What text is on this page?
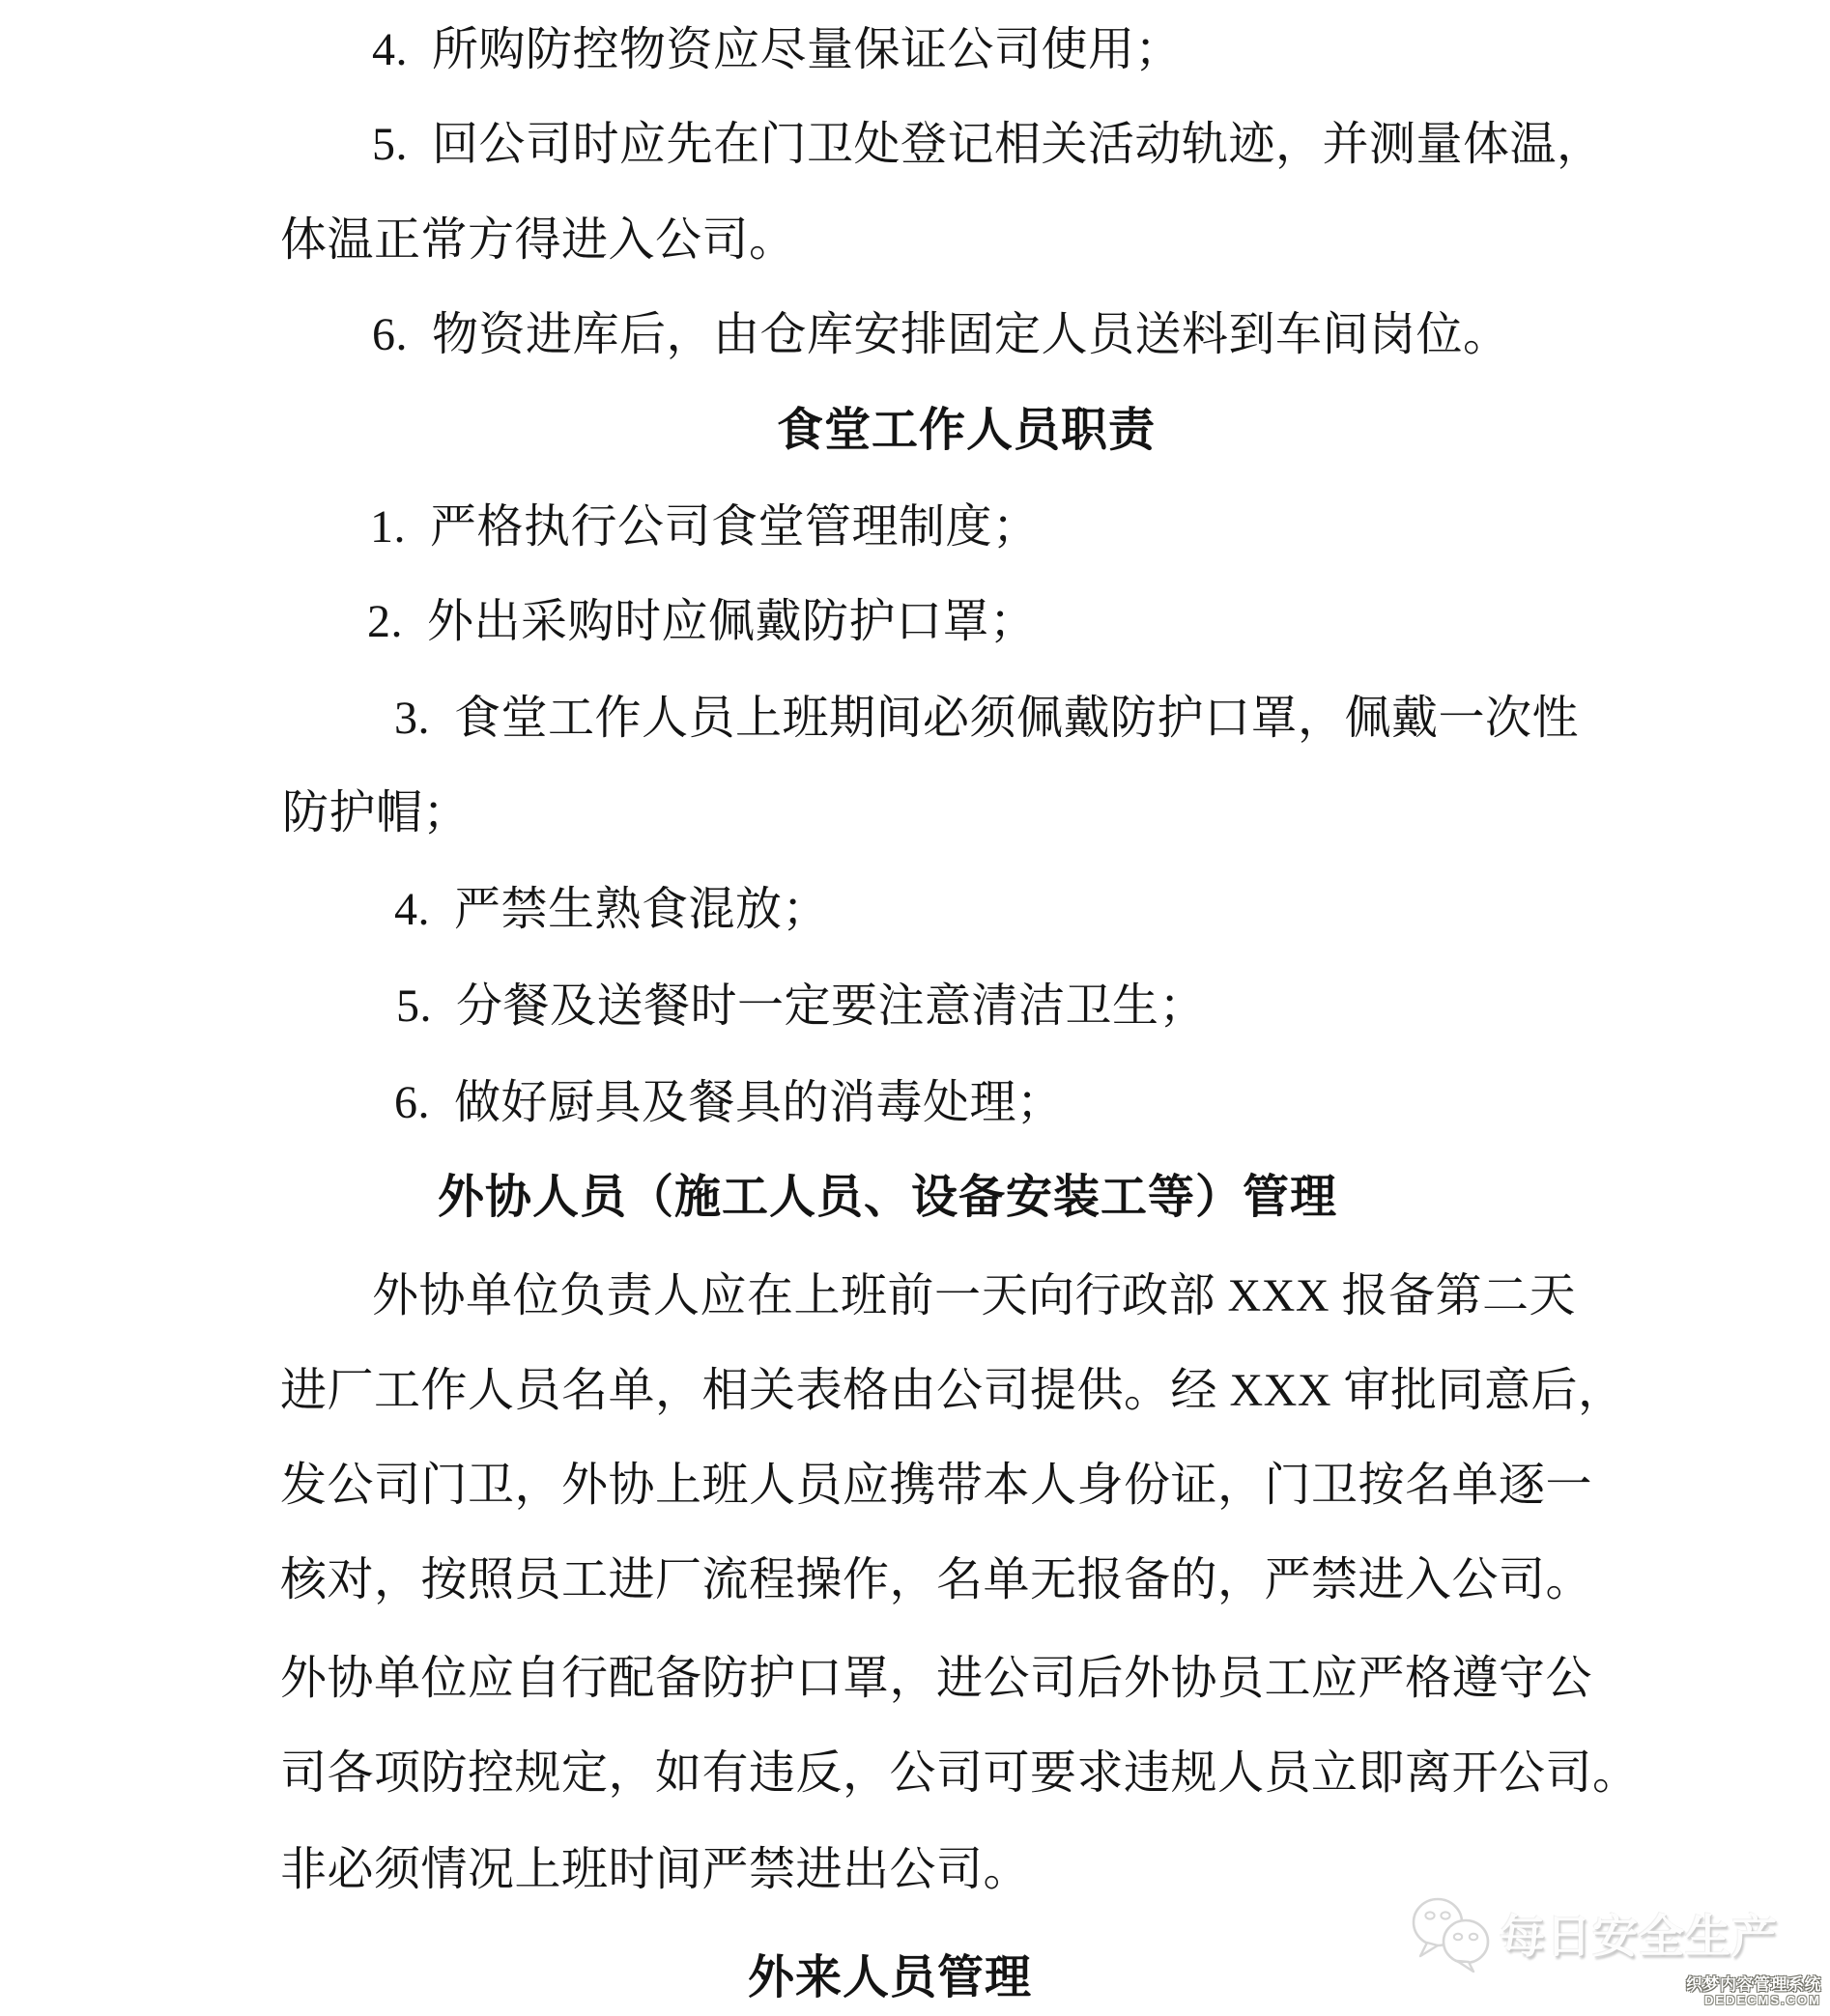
4.  所购防控物资应尽量保证公司使用；
5.  回公司时应先在门卫处登记相关活动轨迹，并测量体温，
体温正常方得进入公司。
6.  物资进库后，由仓库安排固定人员送料到车间岗位。
食堂工作人员职责
1.  严格执行公司食堂管理制度；
2.  外出采购时应佩戴防护口罩；
3.  食堂工作人员上班期间必须佩戴防护口罩，佩戴一次性
防护帽；
4.  严禁生熟食混放；
5.  分餐及送餐时一定要注意清洁卫生；
6.  做好厨具及餐具的消毒处理；
外协人员（施工人员、设备安装工等）管理
外协单位负责人应在上班前一天向行政部 XXX 报备第二天
进厂工作人员名单，相关表格由公司提供。经 XXX 审批同意后，
发公司门卫，外协上班人员应携带本人身份证，门卫按名单逐一
核对，按照员工进厂流程操作，名单无报备的，严禁进入公司。
外协单位应自行配备防护口罩，进公司后外协员工应严格遵守公
司各项防控规定，如有违反，公司可要求违规人员立即离开公司。
非必须情况上班时间严禁进出公司。
外来人员管理
每日安全生产
织梦内容管理系统
DEDECMS.COM
